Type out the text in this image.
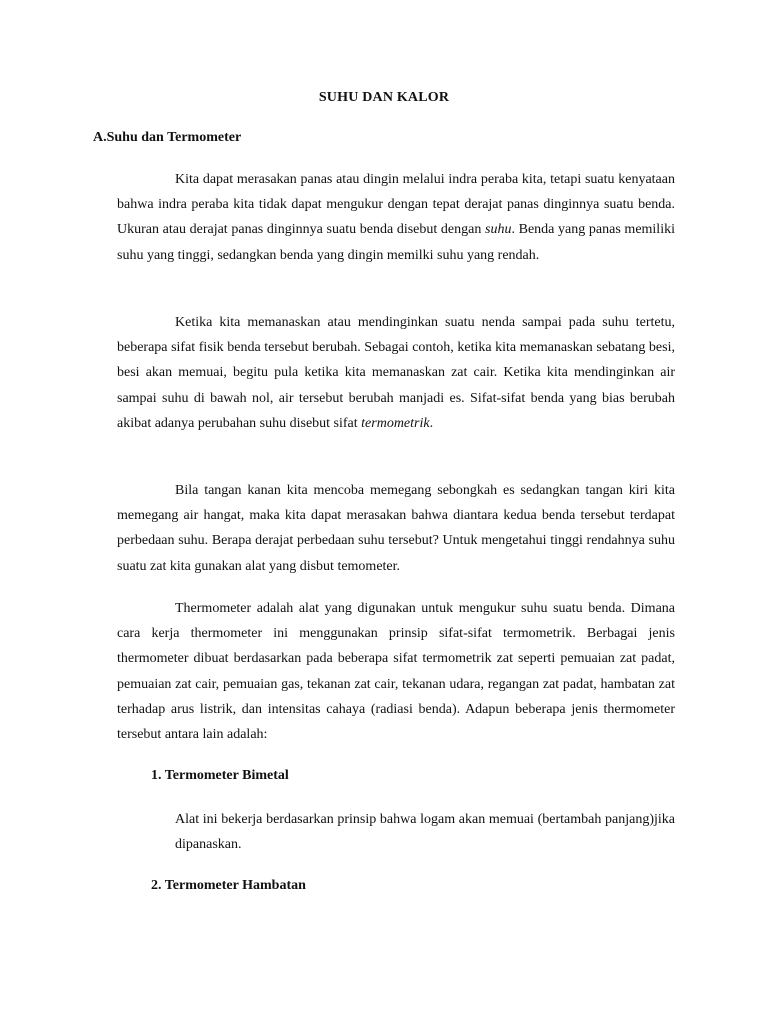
SUHU DAN KALOR
A.Suhu dan Termometer

Kita dapat merasakan panas atau dingin melalui indra peraba kita, tetapi suatu kenyataan bahwa indra peraba kita tidak dapat mengukur dengan tepat derajat panas dinginnya suatu benda. Ukuran atau derajat panas dinginnya suatu benda disebut dengan suhu. Benda yang panas memiliki suhu yang tinggi, sedangkan benda yang dingin memilki suhu yang rendah.

Ketika kita memanaskan atau mendinginkan suatu nenda sampai pada suhu tertetu, beberapa sifat fisik benda tersebut berubah. Sebagai contoh, ketika kita memanaskan sebatang besi, besi akan memuai, begitu pula ketika kita memanaskan zat cair. Ketika kita mendinginkan air sampai suhu di bawah nol, air tersebut berubah manjadi es. Sifat-sifat benda yang bias berubah akibat adanya perubahan suhu disebut sifat termometrik.

Bila tangan kanan kita mencoba memegang sebongkah es sedangkan tangan kiri kita memegang air hangat, maka kita dapat merasakan bahwa diantara kedua benda tersebut terdapat perbedaan suhu. Berapa derajat perbedaan suhu tersebut? Untuk mengetahui tinggi rendahnya suhu suatu zat kita gunakan alat yang disbut temometer.

Thermometer adalah alat yang digunakan untuk mengukur suhu suatu benda. Dimana cara kerja thermometer ini menggunakan prinsip sifat-sifat termometrik. Berbagai jenis thermometer dibuat berdasarkan pada beberapa sifat termometrik zat seperti pemuaian zat padat, pemuaian zat cair, pemuaian gas, tekanan zat cair, tekanan udara, regangan zat padat, hambatan zat terhadap arus listrik, dan intensitas cahaya (radiasi benda). Adapun beberapa jenis thermometer tersebut antara lain adalah:

1. Termometer Bimetal

Alat ini bekerja berdasarkan prinsip bahwa logam akan memuai (bertambah panjang)jika dipanaskan.

2. Termometer Hambatan
